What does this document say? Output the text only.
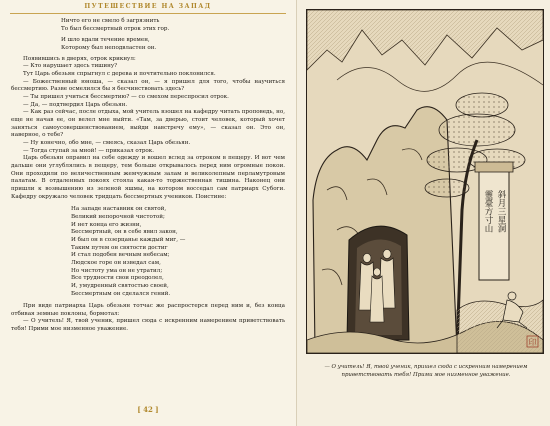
ПУТЕШЕСТВИЕ НА ЗАПАД

Ничто его не смело б загрязнить

То был бессмертный отрок этих гор.

И шло вдали течение времен,

Которому был неподвластен он.

Появившись в дверях, отрок крикнул:

— Кто нарушает здесь тишину?

Тут Царь обезьян спрыгнул с дерева и почтительно поклонился.

— Божественный юноша, — сказал он, — я пришел для того, чтобы научиться бессмертию. Разве осмелился бы я бесчинствовать здесь?

— Ты пришел учиться бессмертию? — со смехом переспросил отрок.

— Да, — подтвердил Царь обезьян.

— Как раз сейчас, после отдыха, мой учитель взошел на кафедру читать проповедь, но, еще не начав ее, он велел мне выйти. «Там, за дверью, стоит человек, который хочет заняться самоусовершенствованием, выйди навстречу ему», — сказал он. Это он, наверное, о тебе?

— Ну конечно, обо мне, — смеясь, сказал Царь обезьян.

— Тогда ступай за мной! — приказал отрок.

Царь обезьян оправил на себе одежду и вошел вслед за отроком в пещеру. И вот чем дальше они углублялись в пещеру, тем больше открывалось перед ним огромные покои. Они проходили по величественным жемчужным залам и великолепным перламутровым палатам. В отдаленных покоях стояла какая-то торжественная тишина. Наконец они пришли к возвышению из зеленой яшмы, на котором восседал сам патриарх Субоги. Кафедру окружало человек тридцать бессмертных учеников. Поистине:

На западе наставник он святой,

Великий непорочной чистотой;

И нет конца его жизни,

Бессмертный, он в себе явил закон,

И был он в созерцанье каждый миг, —

Таким путем он святости достиг

И стал подобен вечным небесам;

Людское горе он изведал сам,

Но чистоту ума он не утратил;

Все трудности свои преодолел,

И, умудренный святостью своей,

Бессмертным он сделался гений.

При виде патриарха Царь обезьян тотчас же распростерся перед ним и, без конца отбивая земные поклоны, бормотал:

— О учитель! Я, твой ученик, пришел сюда с искренним намерением приветствовать тебя! Прими мое низменное уважение.

[ 42 ]
靈臺方寸山 斜月三星洞
印
— О учитель! Я, твой ученик, пришел сюда с искренним намерением
приветствовать тебя! Прими мое низменное уважение.
